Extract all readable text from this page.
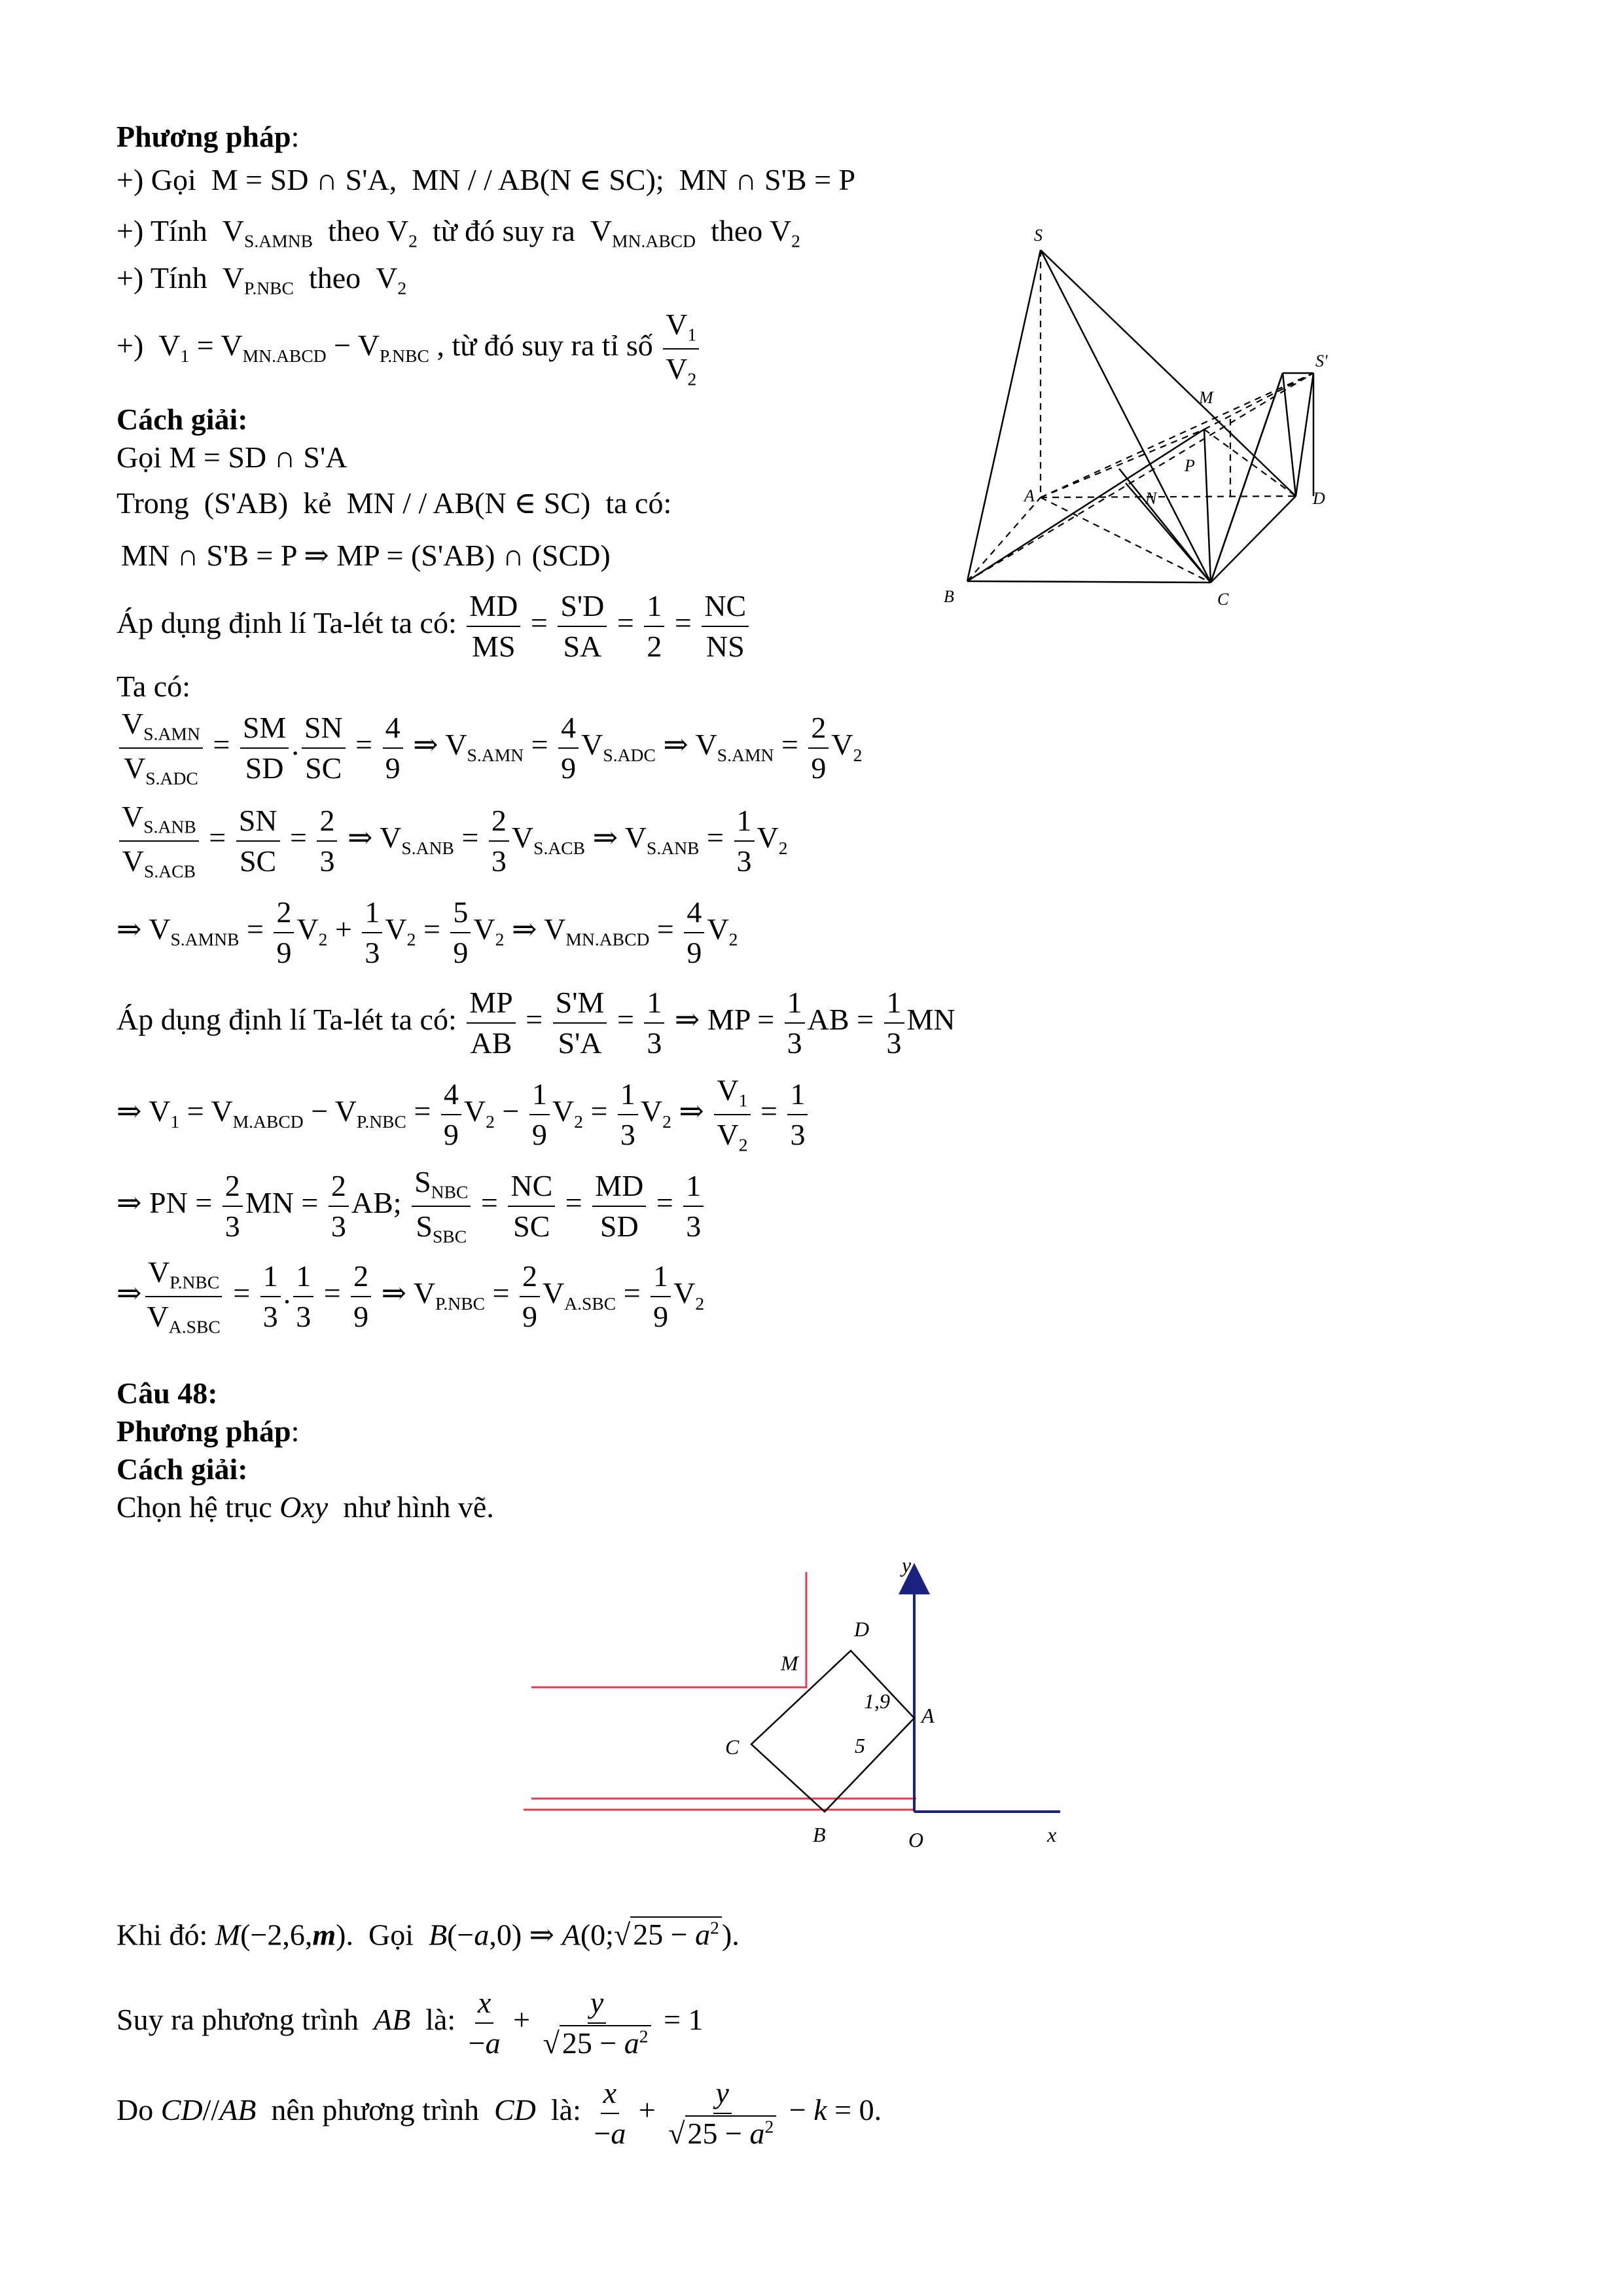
Phương pháp:
+) Gọi  M = SD ∩ S'A,  MN / / AB(N ∈ SC);  MN ∩ S'B = P
+) Tính  $V_{S.AMNB}$  theo $V_2$  từ đó suy ra  $V_{MN.ABCD}$  theo $V_2$
+) Tính  $V_{P.NBC}$  theo  $V_2$
+)  $V_1 = V_{MN.ABCD} - V_{P.NBC}$ , từ đó suy ra tỉ số $\frac{V_1}{V_2}$
Cách giải:
Gọi M = SD ∩ S'A
Trong  (S'AB)  kẻ  MN / / AB(N ∈ SC)  ta có:
MN ∩ S'B = P ⇒ MP = (S'AB) ∩ (SCD)
Áp dụng định lí Ta-lét ta có: $\frac{MD}{MS} = \frac{S'D}{SA} = \frac{1}{2} = \frac{NC}{NS}$
Ta có:
$\frac{V_{S.AMN}}{V_{S.ADC}} = \frac{SM}{SD}$ . $\frac{SN}{SC} = \frac{4}{9}$ ⇒ $V_{S.AMN} = \frac{4}{9} V_{S.ADC}$ ⇒ $V_{S.AMN} = \frac{2}{9} V_2$
$\frac{V_{S.ANB}}{V_{S.ACB}} = \frac{SN}{SC} = \frac{2}{3}$ ⇒ $V_{S.ANB} = \frac{2}{3} V_{S.ACB}$ ⇒ $V_{S.ANB} = \frac{1}{3} V_2$
⇒ $V_{S.AMNB} = \frac{2}{9} V_2 + \frac{1}{3} V_2 = \frac{5}{9} V_2$ ⇒ $V_{MN.ABCD} = \frac{4}{9} V_2$
Áp dụng định lí Ta-lét ta có: $\frac{MP}{AB} = \frac{S'M}{S'A} = \frac{1}{3}$ ⇒ MP = $\frac{1}{3}$ AB = $\frac{1}{3}$ MN
⇒ $V_1 = V_{M.ABCD} - V_{P.NBC} = \frac{4}{9} V_2 - \frac{1}{9} V_2 = \frac{1}{3} V_2$ ⇒ $\frac{V_1}{V_2} = \frac{1}{3}$
⇒ PN = $\frac{2}{3}$ MN = $\frac{2}{3}$ AB; $\frac{S_{NBC}}{S_{SBC}} = \frac{NC}{SC} = \frac{MD}{SD} = \frac{1}{3}$
⇒ $\frac{V_{P.NBC}}{V_{A.SBC}} = \frac{1}{3}$ . $\frac{1}{3} = \frac{2}{9}$ ⇒ $V_{P.NBC} = \frac{2}{9} V_{A.SBC} = \frac{1}{9} V_2$
S
S'
M
P
A	N	D
B	C
Câu 48:
Phương pháp:
Cách giải:
Chọn hệ trục Oxy  như hình vẽ.
y
D
M
1,9
A
5
C
B	O	x
Khi đó: M(−2,6,m).  Gọi  B(−a,0) ⇒ A(0;√25 − $a^2$).
Suy ra phương trình  AB  là: $\frac{x}{-a} + \frac{y}{√25 - a^2} = 1$
Do CD//AB  nên phương trình  CD  là: $\frac{x}{-a} + \frac{y}{√25 - a^2} - k = 0$.
